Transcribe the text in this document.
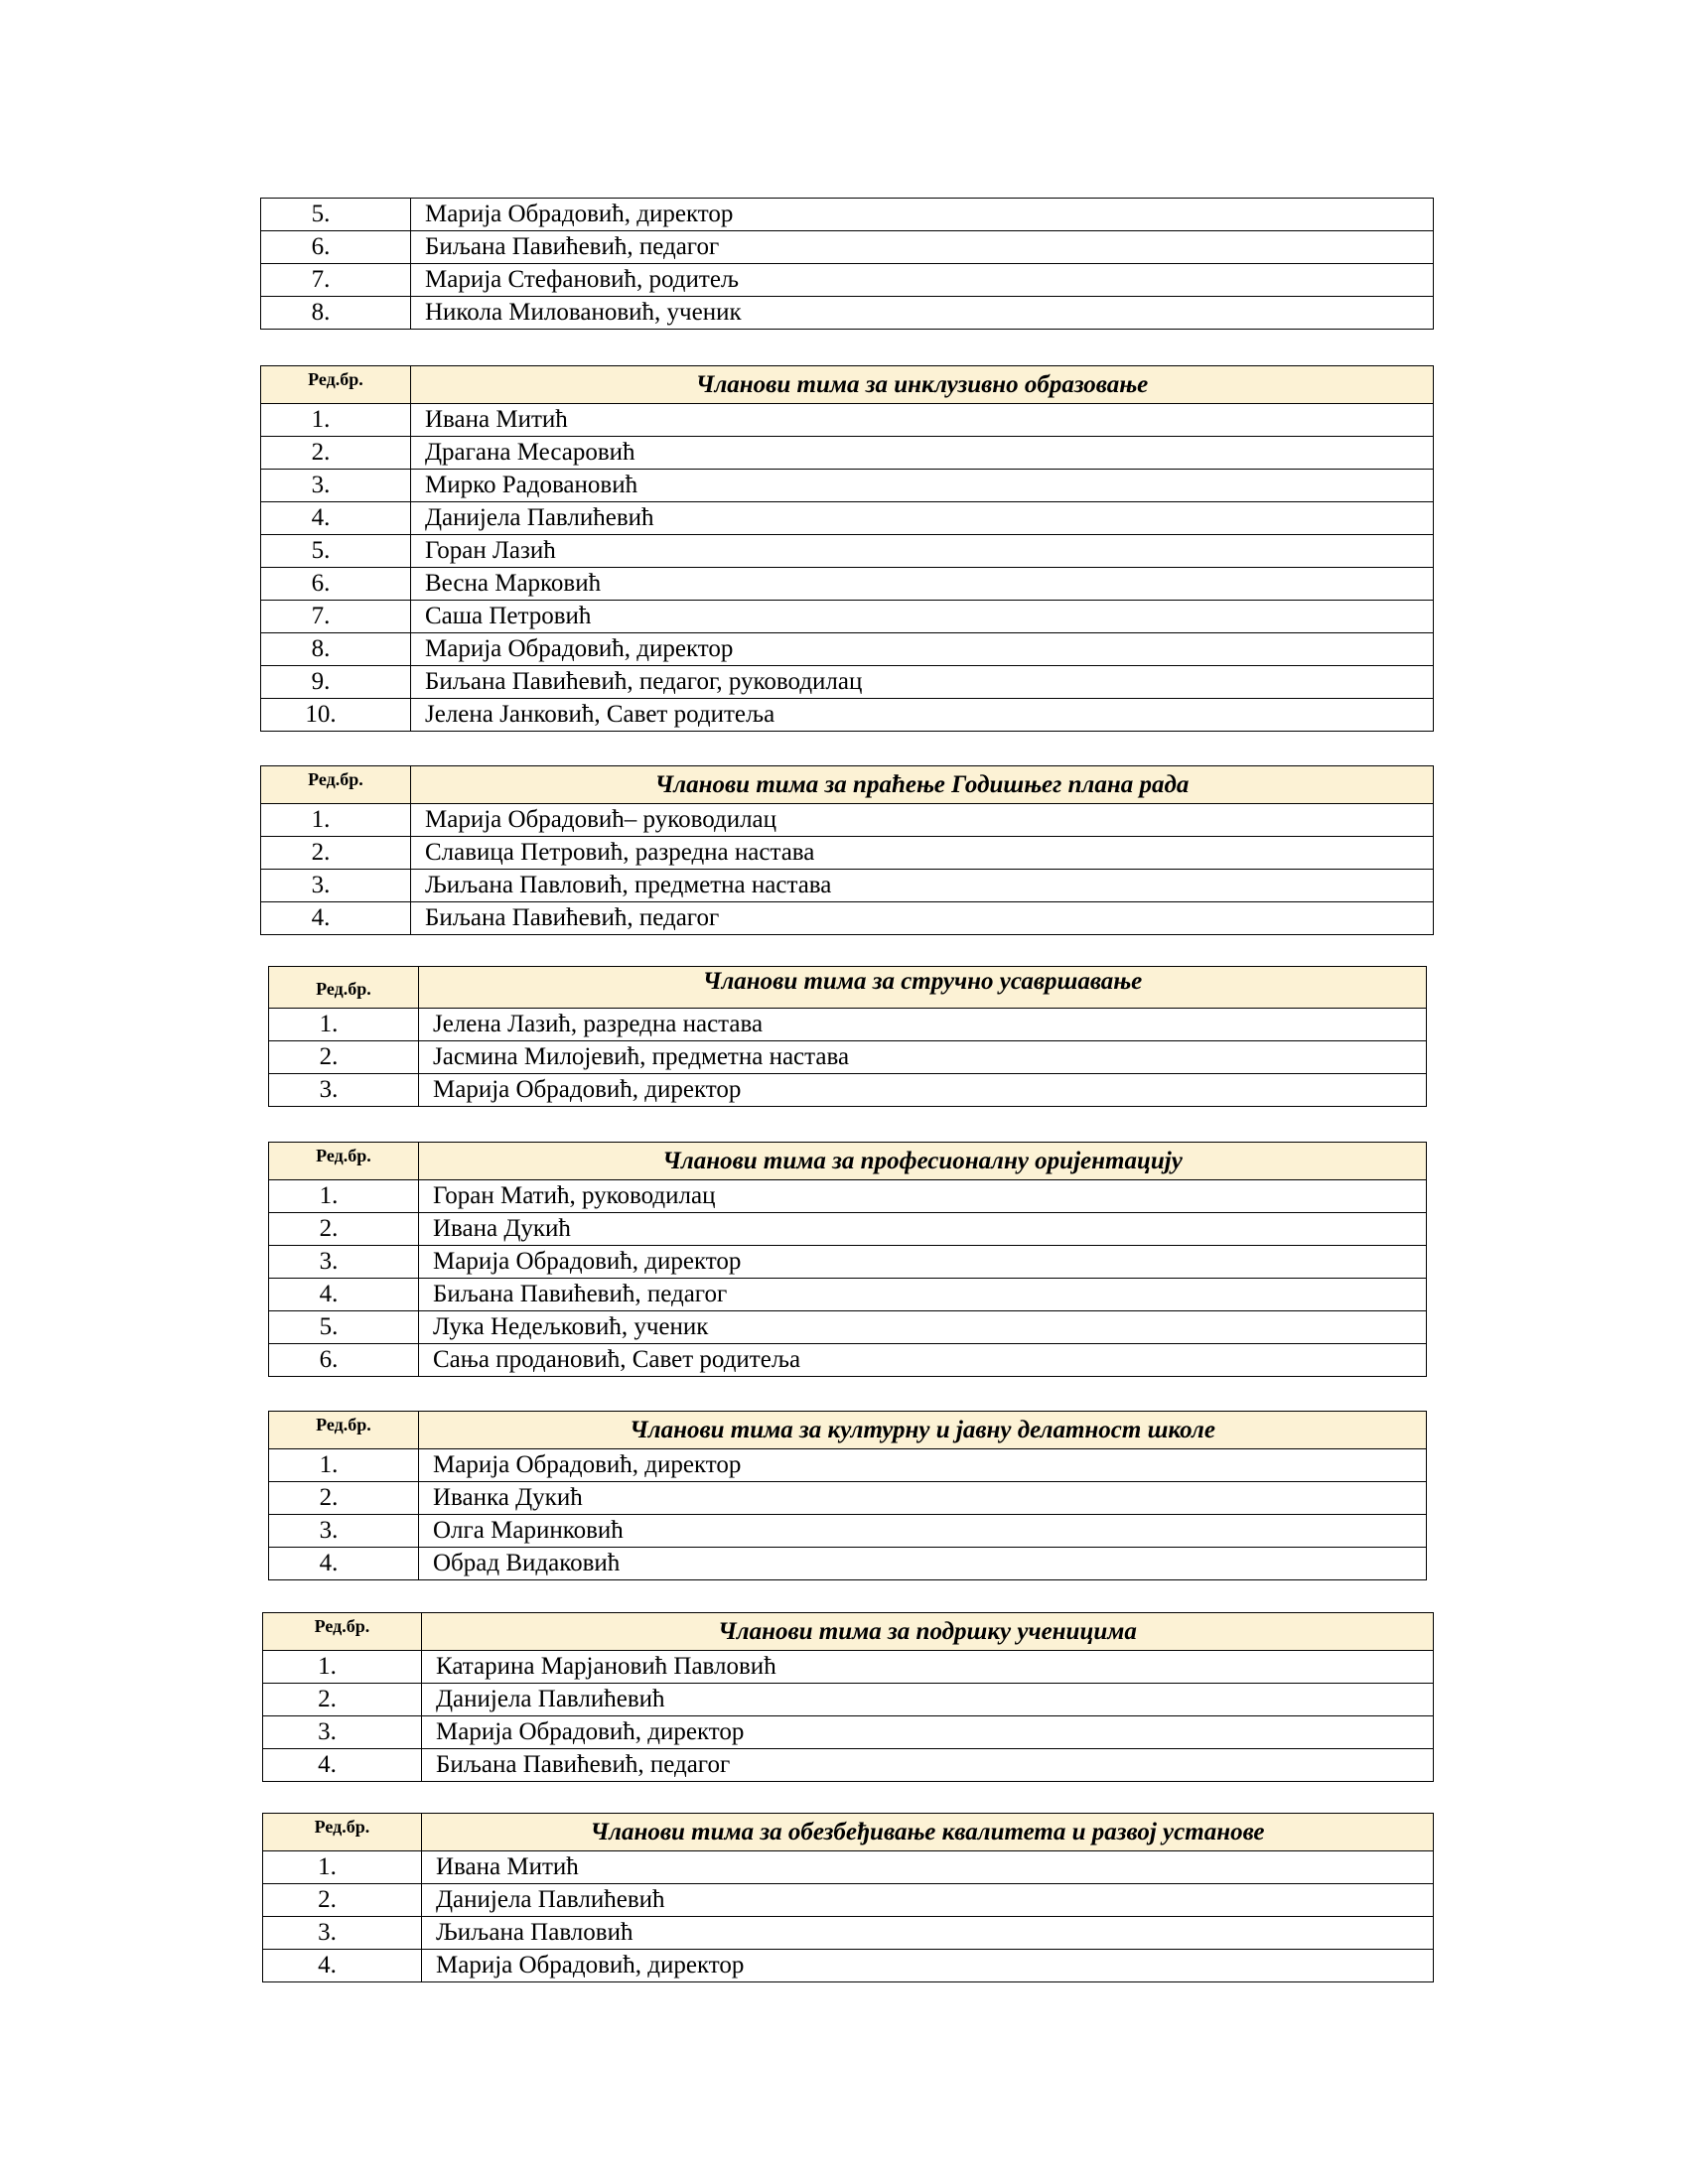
5.	Марија Обрадовић, директор
6.	Биљана Павићевић, педагог
7.	Марија Стефановић, родитељ
8.	Никола Миловановић, ученик
Ред.бр.	Чланови тима за инклузивно образовање
1.	Ивана Митић
2.	Драгана Месаровић
3.	Мирко Радовановић
4.	Данијела Павлићевић
5.	Горан Лазић
6.	Весна Марковић
7.	Саша Петровић
8.	Марија Обрадовић, директор
9.	Биљана Павићевић, педагог, руководилац
10.	Јелена Јанковић, Савет родитеља
Ред.бр.	Чланови тима за праћење Годишњег плана рада
1.	Марија Обрадовић– руководилац
2.	Славица Петровић, разредна настава
3.	Љиљана Павловић, предметна настава
4.	Биљана Павићевић, педагог
Ред.бр.	Чланови тима за стручно усавршавање
1.	Јелена Лазић, разредна настава
2.	Јасмина Милојевић, предметна настава
3.	Марија Обрадовић, директор
Ред.бр.	Чланови тима за професионалну оријентацију
1.	Горан Матић, руководилац
2.	Ивана Дукић
3.	Марија Обрадовић, директор
4.	Биљана Павићевић, педагог
5.	Лука Недељковић, ученик
6.	Сања продановић, Савет родитеља
Ред.бр.	Чланови тима за културну и јавну делатност школе
1.	Марија Обрадовић, директор
2.	Иванка Дукић
3.	Олга Маринковић
4.	Обрад Видаковић
Ред.бр.	Чланови тима за подршку ученицима
1.	Катарина Марјановић Павловић
2.	Данијела Павлићевић
3.	Марија Обрадовић, директор
4.	Биљана Павићевић, педагог
Ред.бр.	Чланови тима за обезбеђивање квалитета и развој установе
1.	Ивана Митић
2.	Данијела Павлићевић
3.	Љиљана Павловић
4.	Марија Обрадовић, директор
